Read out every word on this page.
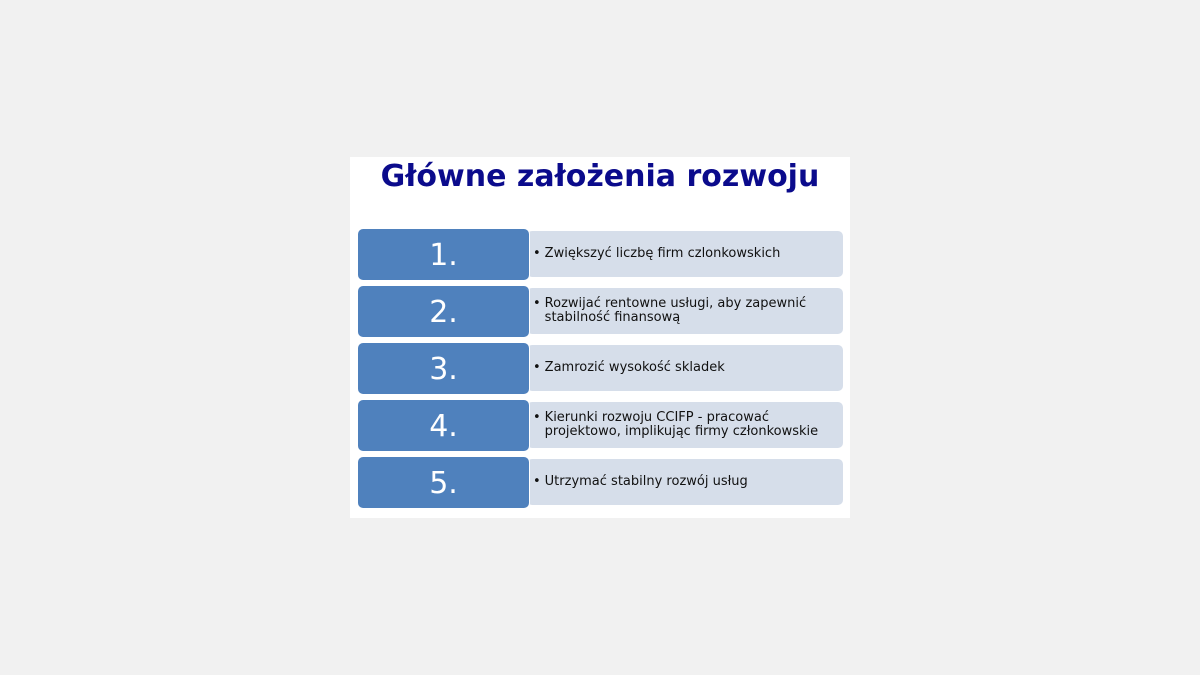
Główne założenia rozwoju
1.	• Zwiększyć liczbę firm czlonkowskich
2.	• Rozwijać rentowne usługi, aby zapewnić stabilność finansową
3.	• Zamrozić wysokość skladek
4.	• Kierunki rozwoju CCIFP - pracować projektowo, implikując firmy członkowskie
5.	• Utrzymać stabilny rozwój usług
